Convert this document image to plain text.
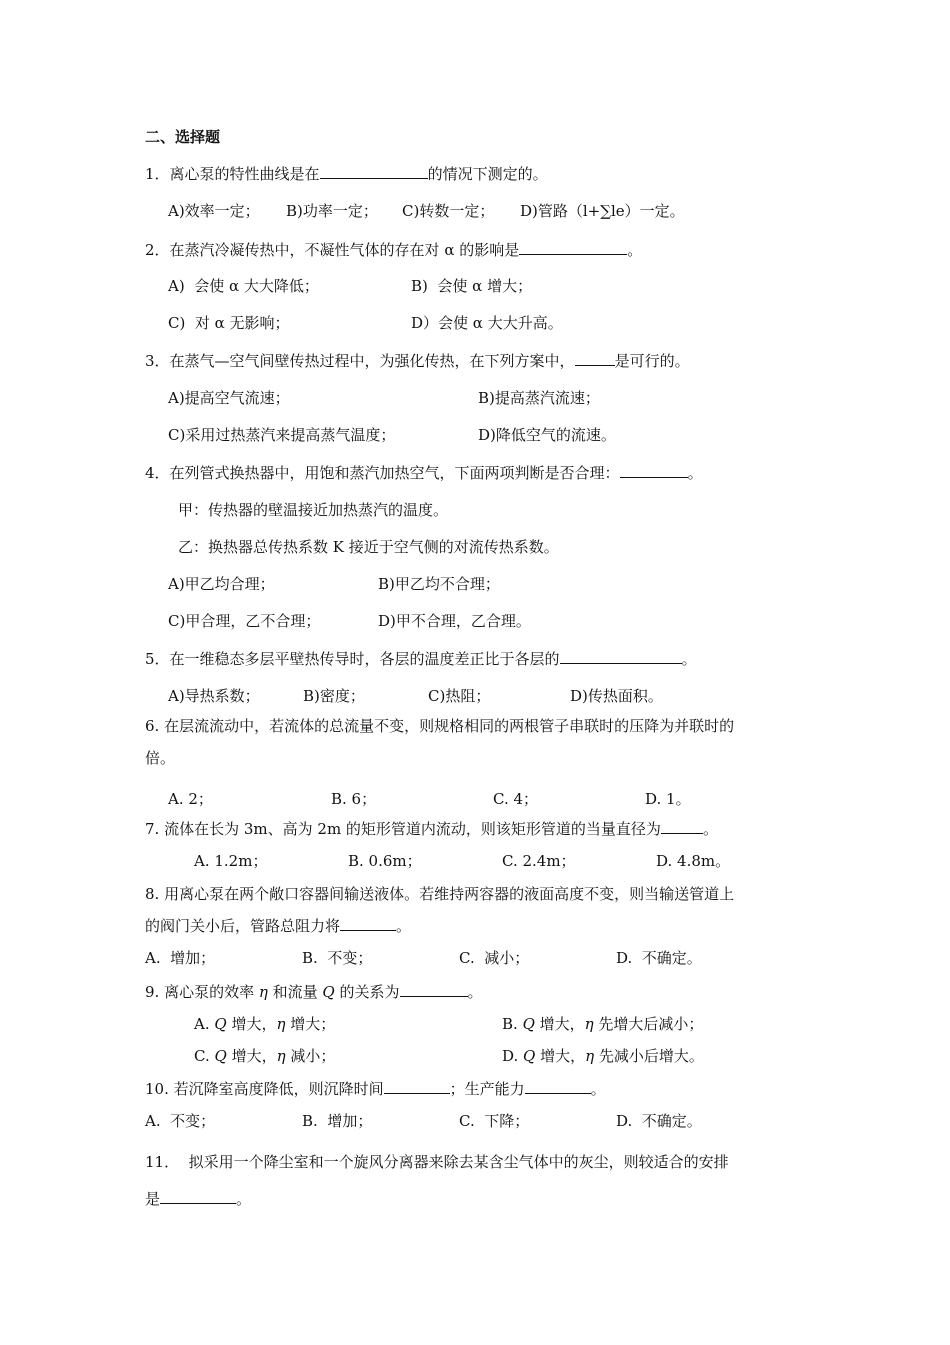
二、选择题
1．离心泵的特性曲线是在	的情况下测定的。
A)效率一定； B)功率一定； C)转数一定； D)管路（l+∑le）一定。
2．在蒸汽冷凝传热中，不凝性气体的存在对 α 的影响是	。
A)  会使 α 大大降低；	B)  会使 α 增大；
C)  对 α 无影响；	D）会使 α 大大升高。
3．在蒸气—空气间壁传热过程中，为强化传热，在下列方案中，	是可行的。
A)提高空气流速；	B)提高蒸汽流速；
C)采用过热蒸汽来提高蒸气温度；	D)降低空气的流速。
4．在列管式换热器中，用饱和蒸汽加热空气，下面两项判断是否合理：	。
甲：传热器的壁温接近加热蒸汽的温度。
乙：换热器总传热系数 K 接近于空气侧的对流传热系数。
A)甲乙均合理；	B)甲乙均不合理；
C)甲合理，乙不合理；	D)甲不合理，乙合理。
5．在一维稳态多层平壁热传导时，各层的温度差正比于各层的	。
A)导热系数；	B)密度；	C)热阻；	D)传热面积。
6. 在层流流动中，若流体的总流量不变，则规格相同的两根管子串联时的压降为并联时的
倍。
A. 2；	B. 6；	C. 4；	D. 1。
7. 流体在长为 3m、高为 2m 的矩形管道内流动，则该矩形管道的当量直径为	。
A. 1.2m；	B. 0.6m；	C. 2.4m；	D. 4.8m。
8. 用离心泵在两个敞口容器间输送液体。若维持两容器的液面高度不变，则当输送管道上
的阀门关小后，管路总阻力将	。
A.  增加；	B.  不变；	C.  减小；	D.  不确定。
9. 离心泵的效率 η 和流量 Q 的关系为	。
A. Q 增大，η 增大；	B. Q 增大，η 先增大后减小；
C. Q 增大，η 减小；	D. Q 增大，η 先减小后增大。
10. 若沉降室高度降低，则沉降时间	；生产能力	。
A.  不变；	B.  增加；	C.  下降；	D.  不确定。
11． 拟采用一个降尘室和一个旋风分离器来除去某含尘气体中的灰尘，则较适合的安排
是	。
